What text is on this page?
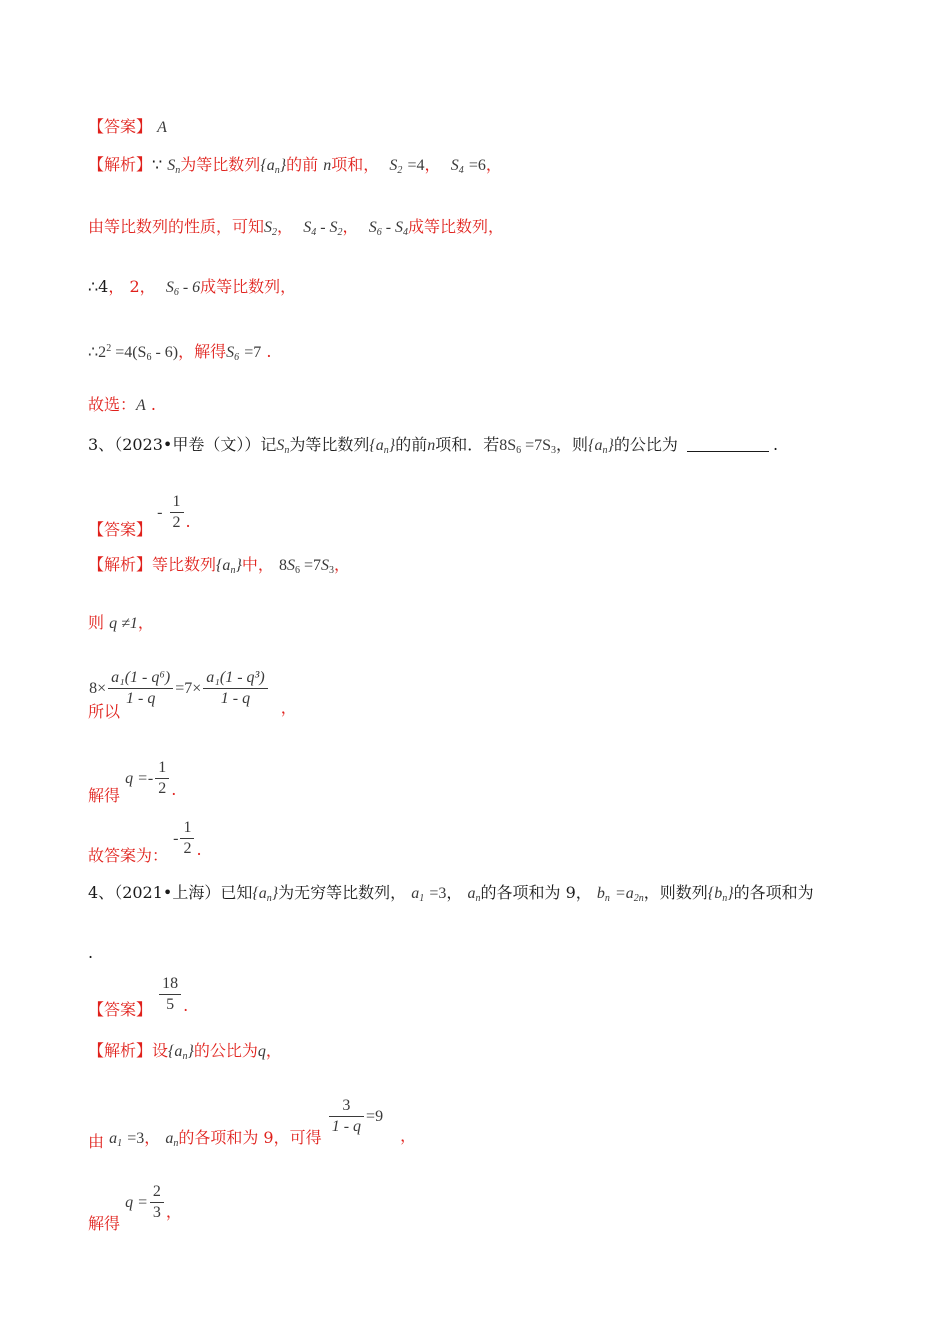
【答案】 A
【解析】∵ $S_n$为等比数列$\{a_n\}$的前 n项和， $S_2 =4$， $S_4 =6$，
由等比数列的性质，可知$S_2$， $S_4 - S_2$， $S_6 - S_4$成等比数列，
∴4， 2， $S_6 - 6$成等比数列，
$\therefore 2^2 =4(S_6 - 6)$，解得$S_6 =7$ .
故选：A .
3、（2023•甲卷（文））记$S_n$为等比数列$\{a_n\}$的前n项和．若$8S_6 =7S_3$，则$\{a_n\}$的公比为	.
【答案】 - $\frac{1}{2}$ .
【解析】等比数列$\{a_n\}$中， $8S_6 =7S_3$，
则 q ≠1，
所以 $8\times \frac{\text{a₁(1 - q⁶)}}{1 - q} =7\times \frac{\text{a₁(1 - q³)}}{1 - q}$ ，
解得 $q =- \frac{1}{2}$ .
故答案为： - $\frac{1}{2}$ .
4、（2021•上海）已知$\{a_n\}$为无穷等比数列， $a_1 =3$， $a_n$的各项和为 9， $b_n =a_{2n}$，则数列$\{b_n\}$的各项和为
.
【答案】 $\frac{18}{5}$ .
【解析】设$\{a_n\}$的公比为q，
由 $a_1 =3$， $a_n$的各项和为 9，可得
$\frac{3}{1 - q} =9$ ，
解得 $q = \frac{2}{3}$ ，
